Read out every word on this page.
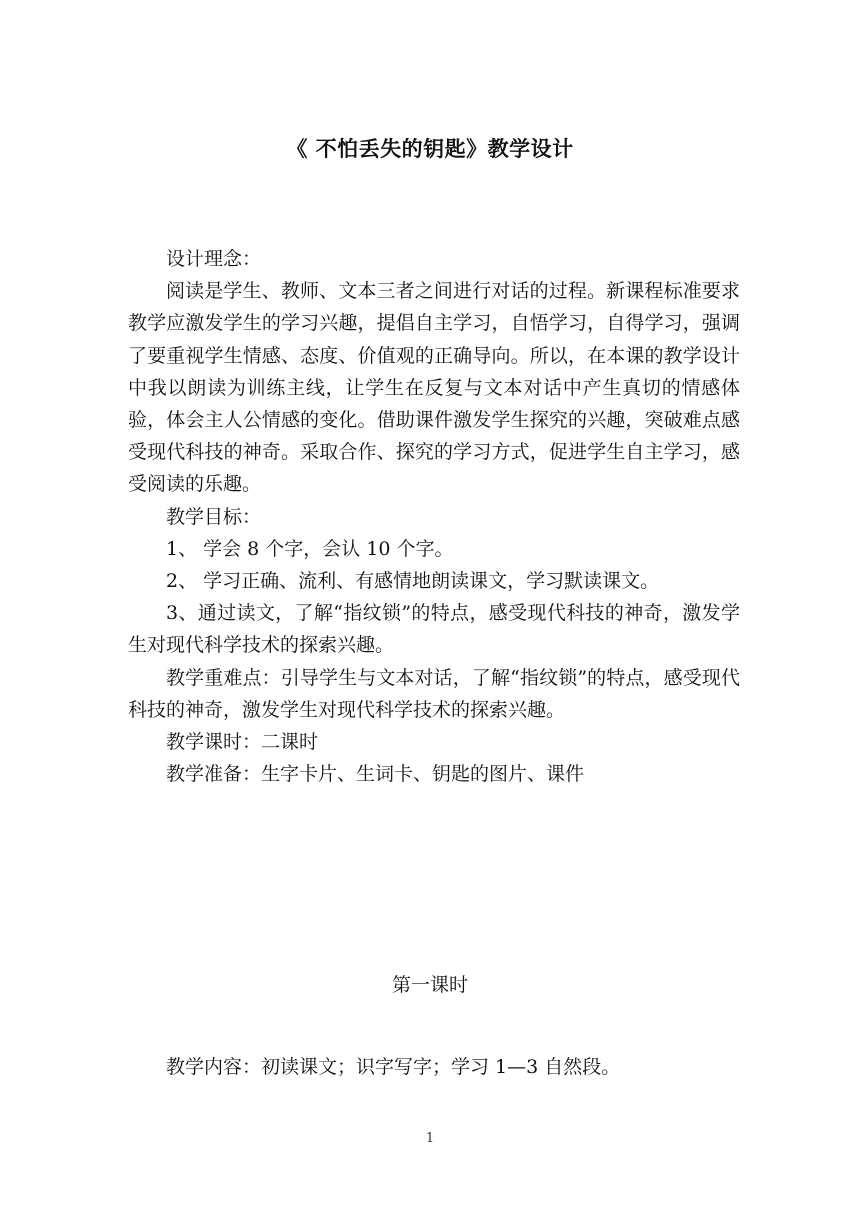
《 不怕丢失的钥匙》教学设计

设计理念：

阅读是学生、教师、文本三者之间进行对话的过程。新课程标准要求教学应激发学生的学习兴趣，提倡自主学习，自悟学习，自得学习，强调了要重视学生情感、态度、价值观的正确导向。所以，在本课的教学设计中我以朗读为训练主线，让学生在反复与文本对话中产生真切的情感体验，体会主人公情感的变化。借助课件激发学生探究的兴趣，突破难点感受现代科技的神奇。采取合作、探究的学习方式，促进学生自主学习，感受阅读的乐趣。

教学目标：

1、 学会 8 个字，会认 10 个字。

2、 学习正确、流利、有感情地朗读课文，学习默读课文。

3、通过读文，了解“指纹锁”的特点，感受现代科技的神奇，激发学生对现代科学技术的探索兴趣。

教学重难点：引导学生与文本对话，了解“指纹锁”的特点，感受现代科技的神奇，激发学生对现代科学技术的探索兴趣。

教学课时：二课时

教学准备：生字卡片、生词卡、钥匙的图片、课件

第一课时
教学内容：初读课文；识字写字；学习 1—3 自然段。
1
